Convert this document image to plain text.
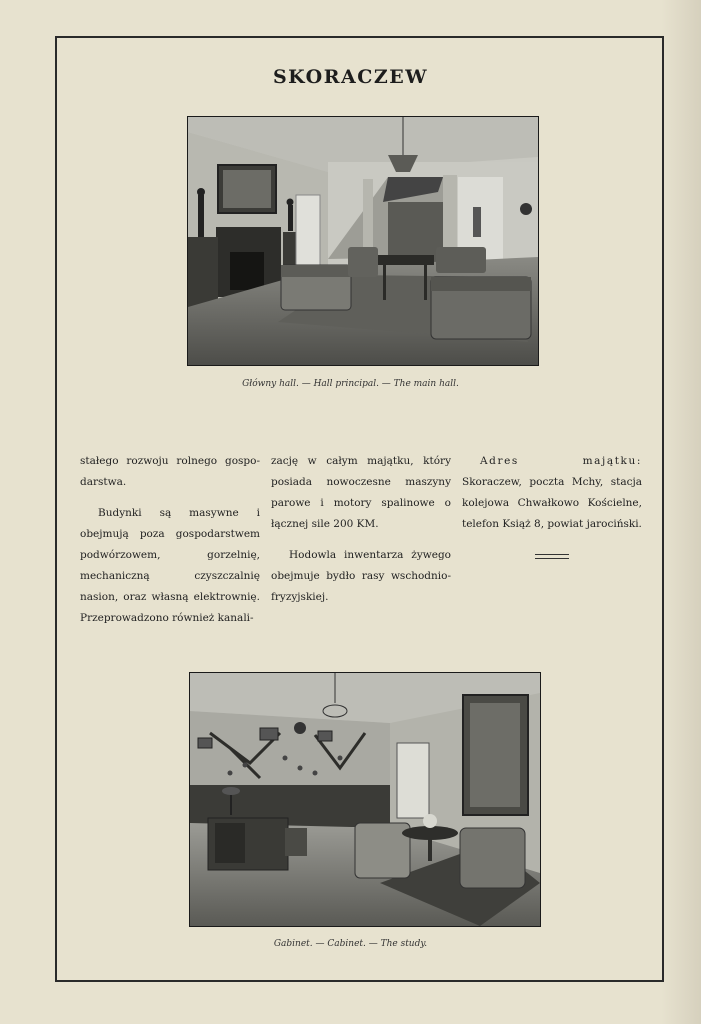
SKORACZEW
Główny hall. — Hall principal. — The main hall.

stałego rozwoju rolnego gospo-darstwa.

Budynki są masywne i obejmują poza gospodarstwem podwórzowem, gorzelnię, mechaniczną czyszczalnię nasion, oraz własną elektrownię. Przeprowadzono również kanali-

zację w całym majątku, który posiada nowoczesne maszyny parowe i motory spalinowe o łącznej sile 200 KM.

Hodowla inwentarza żywego obejmuje bydło rasy wschodnio-fryzyjskiej.

Adres majątku: Skoraczew, poczta Mchy, stacja kolejowa Chwałkowo Kościelne, telefon Książ 8, powiat jarociński.

Gabinet. — Cabinet. — The study.
